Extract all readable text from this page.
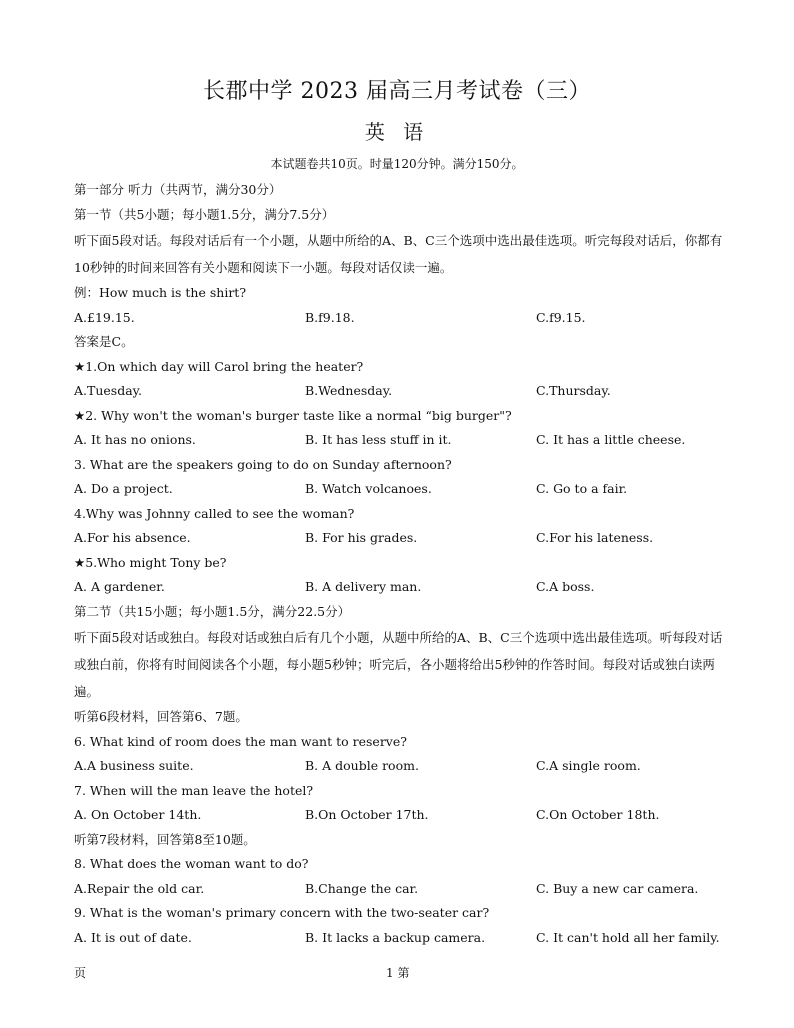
长郡中学 2023 届高三月考试卷（三）
英 语
本试题卷共10页。时量120分钟。满分150分。
第一部分 听力（共两节，满分30分）
第一节（共5小题；每小题1.5分，满分7.5分）
听下面5段对话。每段对话后有一个小题，从题中所给的A、B、C三个选项中选出最佳选项。听完每段对话后，你都有10秒钟的时间来回答有关小题和阅读下一小题。每段对话仅读一遍。
例：How much is the shirt?
A.£19.15.	B.f9.18.	C.f9.15.
答案是C。
★1.On which day will Carol bring the heater?
A.Tuesday.	B.Wednesday.	C.Thursday.
★2. Why won't the woman's burger taste like a normal “big burger"?
A. It has no onions.	B. It has less stuff in it.	C. It has a little cheese.
3. What are the speakers going to do on Sunday afternoon?
A. Do a project.	B. Watch volcanoes.	C. Go to a fair.
4.Why was Johnny called to see the woman?
A.For his absence.	B. For his grades.	C.For his lateness.
★5.Who might Tony be?
A. A gardener.	B. A delivery man.	C.A boss.
第二节（共15小题；每小题1.5分，满分22.5分）
听下面5段对话或独白。每段对话或独白后有几个小题，从题中所给的A、B、C三个选项中选出最佳选项。听每段对话或独白前，你将有时间阅读各个小题，每小题5秒钟；听完后，各小题将给出5秒钟的作答时间。每段对话或独白读两遍。
听第6段材料，回答第6、7题。
6. What kind of room does the man want to reserve?
A.A business suite.	B. A double room.	C.A single room.
7. When will the man leave the hotel?
A. On October 14th.	B.On October 17th.	C.On October 18th.
听第7段材料，回答第8至10题。
8. What does the woman want to do?
A.Repair the old car.	B.Change the car.	C. Buy a new car camera.
9. What is the woman's primary concern with the two-seater car?
A. It is out of date.	B. It lacks a backup camera.	C. It can't hold all her family.
页	1 第
